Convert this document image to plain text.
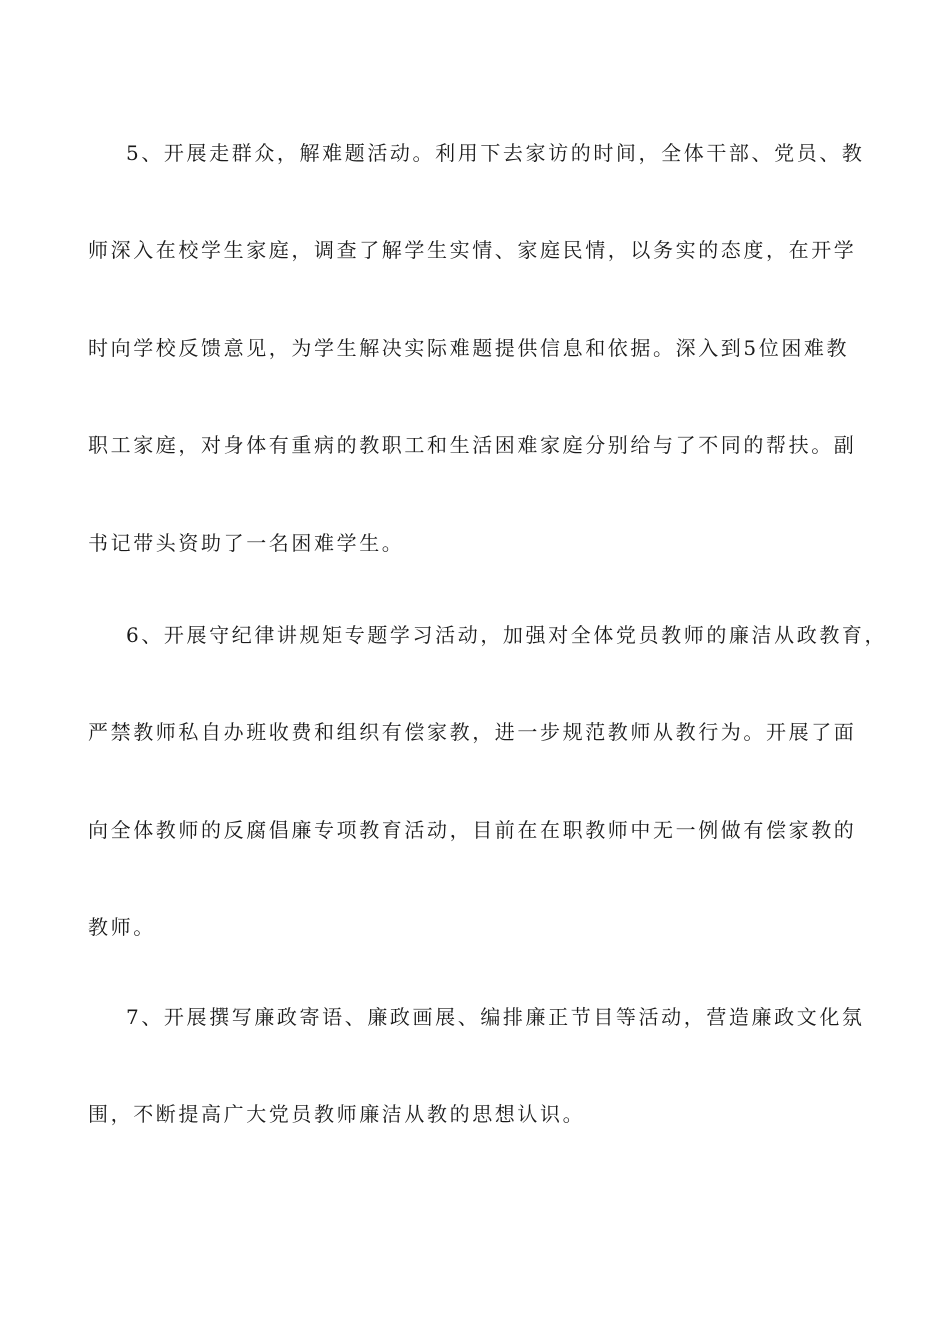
5、开展走群众，解难题活动。利用下去家访的时间，全体干部、党员、教
师深入在校学生家庭，调查了解学生实情、家庭民情，以务实的态度，在开学
时向学校反馈意见，为学生解决实际难题提供信息和依据。深入到5位困难教
职工家庭，对身体有重病的教职工和生活困难家庭分别给与了不同的帮扶。副
书记带头资助了一名困难学生。
6、开展守纪律讲规矩专题学习活动，加强对全体党员教师的廉洁从政教育，
严禁教师私自办班收费和组织有偿家教，进一步规范教师从教行为。开展了面
向全体教师的反腐倡廉专项教育活动，目前在在职教师中无一例做有偿家教的
教师。
7、开展撰写廉政寄语、廉政画展、编排廉正节目等活动，营造廉政文化氛
围，不断提高广大党员教师廉洁从教的思想认识。
